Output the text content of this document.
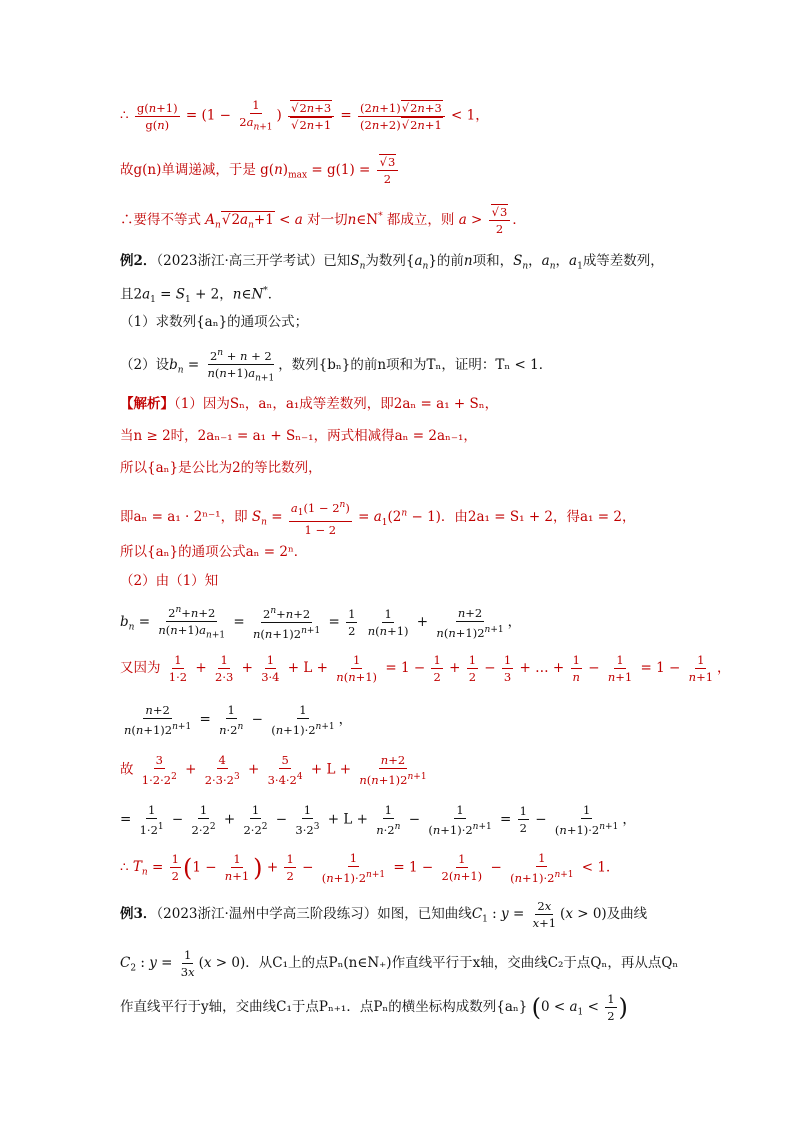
∴ $\frac{g(n+1)}{g(n)} = (1 - \frac{1}{2a_{n+1}}$ )
√ 2n+3
√ $2n+1 = \frac{(2n+1)√ 2n+3}{(2n+2)√ 2n+1} < 1$，
故g(n)单调递减，于是 $g(n)_{max} = g(1)$ =
√ $\frac{3}{2}$
∴要得不等式 $A_n√$ $2a_n+1 < a$ 对一切n∈N* 都成立，则 a >
√ $\frac{3}{2}$ ．
例2．（2023浙江·高三开学考试）已知$S_n$为数列$\{a_n\}$的前n项和，$S_n$，$a_n$，$a_1$成等差数列，
且$2a_1 = S_1 + 2$，n∈N*．
（1）求数列{aₙ}的通项公式；
（2）设$b_n = \frac{2^n + n + 2}{n(n+1)a_{n+1}}$ ，数列{bₙ}的前n项和为Tₙ，证明：Tₙ < 1．
【解析】（1）因为Sₙ，aₙ，a₁成等差数列，即2aₙ = a₁ + Sₙ，
当n ≥ 2时，2aₙ₋₁ = a₁ + Sₙ₋₁，两式相减得aₙ = 2aₙ₋₁，
所以{aₙ}是公比为2的等比数列，
即aₙ = a₁ · 2ⁿ⁻¹，即 $S_n = \frac{a_1(1 - 2^n)}{1 - 2} = a_1(2^n - 1)$．由2a₁ = S₁ + 2，得a₁ = 2，
所以{aₙ}的通项公式aₙ = 2ⁿ．
（2）由（1）知
$b_n = \frac{2^n+n+2}{n(n+1)a_{n+1}} = \frac{2^n+n+2}{n(n+1)2^{n+1}} = \frac{1}{2}$
$\frac{1}{n(n+1)} + \frac{n+2}{n(n+1)2^{n+1}}$ ，
又因为 $\frac{1}{1\cdot 2} + \frac{1}{2\cdot 3} + \frac{1}{3\cdot 4} + L + \frac{1}{n(n+1)} = 1 - \frac{1}{2} + \frac{1}{2} - \frac{1}{3}$ + … + $\frac{1}{n} - \frac{1}{n+1} = 1 - \frac{1}{n+1}$ ，
$\frac{n+2}{n(n+1)2^{n+1}} = \frac{1}{n\cdot 2^n} - \frac{1}{(n+1)\cdot 2^{n+1}}$ ，
故 $\frac{3}{1\cdot 2\cdot 2^2} + \frac{4}{2\cdot 3\cdot 2^3} + \frac{5}{3\cdot 4\cdot 2^4} + L + \frac{n+2}{n(n+1)2^{n+1}}$
= $\frac{1}{1\cdot 2^1} - \frac{1}{2\cdot 2^2} + \frac{1}{2\cdot 2^2} - \frac{1}{3\cdot 2^3} + L + \frac{1}{n\cdot 2^n} - \frac{1}{(n+1)\cdot 2^{n+1}} = \frac{1}{2} - \frac{1}{(n+1)\cdot 2^{n+1}}$ ，
∴ $T_n = \frac{1}{2} (1 - \frac{1}{n+1}$ ) + $\frac{1}{2} - \frac{1}{(n+1)\cdot 2^{n+1}} = 1 - \frac{1}{2(n+1)} - \frac{1}{(n+1)\cdot 2^{n+1}} < 1$．
例3．（2023浙江·温州中学高三阶段练习）如图，已知曲线$C_1$ : $y = \frac{2x}{x+1} (x > 0)$及曲线
$C_2$ : $y = \frac{1}{3x} (x > 0)$．从C₁上的点Pₙ(n∈N₊)作直线平行于x轴，交曲线C₂于点Qₙ，再从点Qₙ
作直线平行于y轴，交曲线C₁于点Pₙ₊₁．点Pₙ的横坐标构成数列{aₙ} ($0 < a_1 < \frac{1}{2}$ )
